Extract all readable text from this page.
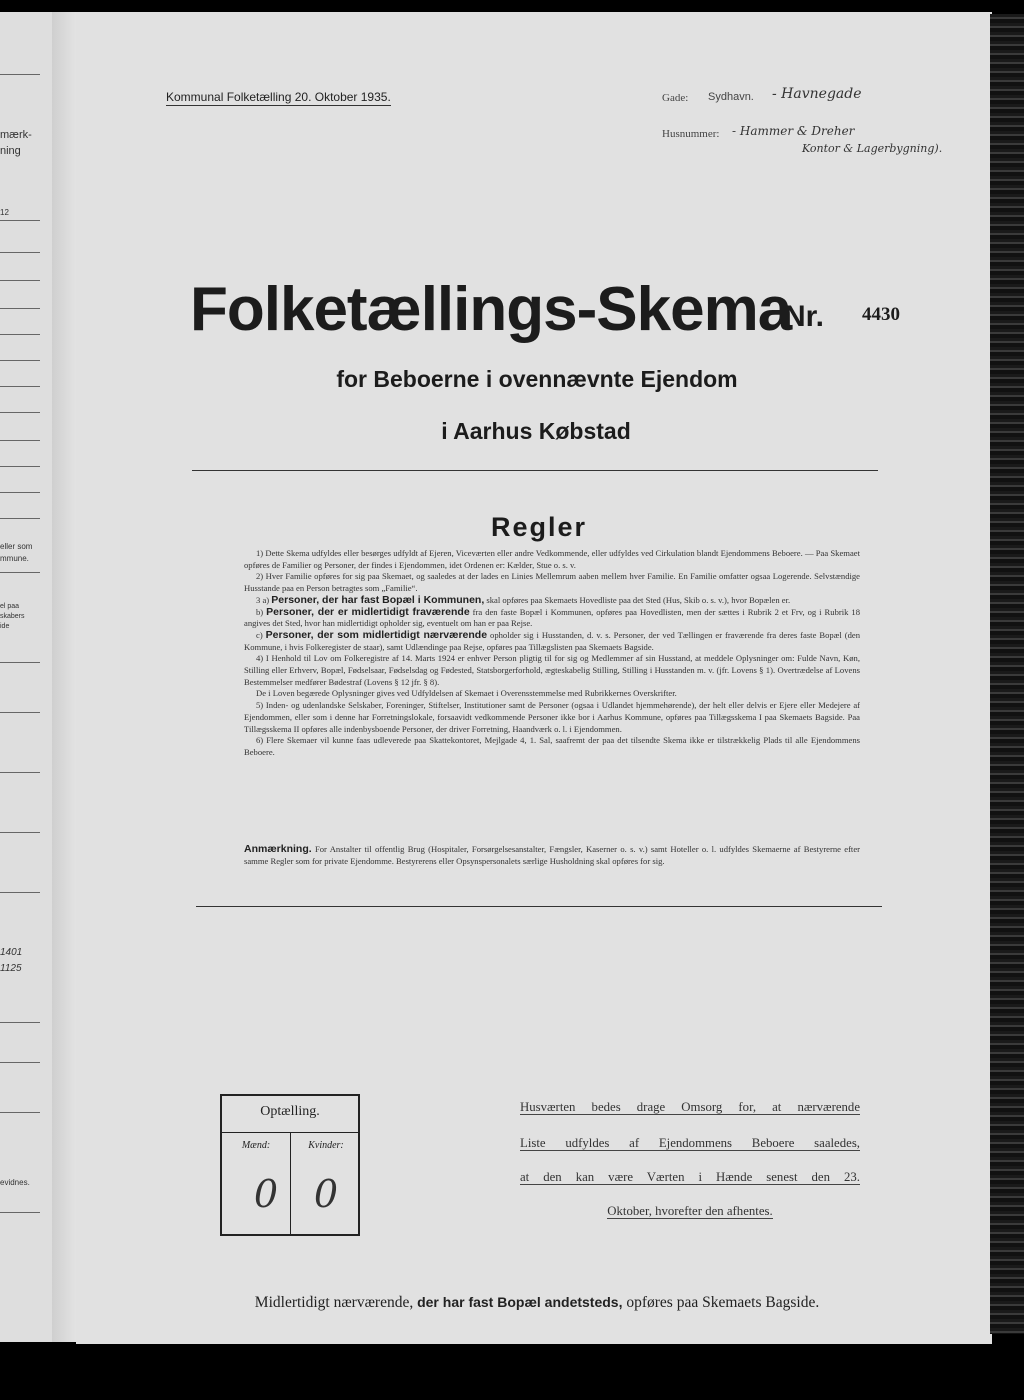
mærk-
ning
12
eller som
mmune.
el paa
skabers
ide
1401
1125
evidnes.
Kommunal Folketælling 20. Oktober 1935.	Gade: Sydhavn. - Havnegade
Husnummer: - Hammer & Dreher
Kontor & Lagerbygning).
Folketællings-Skema
Nr. 4430
for Beboerne i ovennævnte Ejendom
i Aarhus Købstad
Regler

1) Dette Skema udfyldes eller besørges udfyldt af Ejeren, Viceværten eller andre Vedkommende, eller udfyldes ved Cirkulation blandt Ejendommens Beboere. — Paa Skemaet opføres de Familier og Personer, der findes i Ejendommen, idet Ordenen er: Kælder, Stue o. s. v.

2) Hver Familie opføres for sig paa Skemaet, og saaledes at der lades en Linies Mellemrum aaben mellem hver Familie. En Familie omfatter ogsaa Logerende. Selvstændige Husstande paa en Person betragtes som „Familie“.

3 a) Personer, der har fast Bopæl i Kommunen, skal opføres paa Skemaets Hovedliste paa det Sted (Hus, Skib o. s. v.), hvor Bopælen er.

b) Personer, der er midlertidigt fraværende fra den faste Bopæl i Kommunen, opføres paa Hovedlisten, men der sættes i Rubrik 2 et Frv, og i Rubrik 18 angives det Sted, hvor han midlertidigt opholder sig, eventuelt om han er paa Rejse.

c) Personer, der som midlertidigt nærværende opholder sig i Husstanden, d. v. s. Personer, der ved Tællingen er fraværende fra deres faste Bopæl (den Kommune, i hvis Folkeregister de staar), samt Udlændinge paa Rejse, opføres paa Tillægslisten paa Skemaets Bagside.

4) I Henhold til Lov om Folkeregistre af 14. Marts 1924 er enhver Person pligtig til for sig og Medlemmer af sin Husstand, at meddele Oplysninger om: Fulde Navn, Køn, Stilling eller Erhverv, Bopæl, Fødselsaar, Fødselsdag og Fødested, Statsborgerforhold, ægteskabelig Stilling, Stilling i Husstanden m. v. (jfr. Lovens § 1). Overtrædelse af Lovens Bestemmelser medfører Bødestraf (Lovens § 12 jfr. § 8).

De i Loven begærede Oplysninger gives ved Udfyldelsen af Skemaet i Overensstemmelse med Rubrikkernes Overskrifter.

5) Inden- og udenlandske Selskaber, Foreninger, Stiftelser, Institutioner samt de Personer (ogsaa i Udlandet hjemmehørende), der helt eller delvis er Ejere eller Medejere af Ejendommen, eller som i denne har Forretningslokale, forsaavidt vedkommende Personer ikke bor i Aarhus Kommune, opføres paa Tillægsskema I paa Skemaets Bagside. Paa Tillægsskema II opføres alle indenbysboende Personer, der driver Forretning, Haandværk o. l. i Ejendommen.

6) Flere Skemaer vil kunne faas udleverede paa Skattekontoret, Mejlgade 4, 1. Sal, saafremt der paa det tilsendte Skema ikke er tilstrækkelig Plads til alle Ejendommens Beboere.

Anmærkning. For Anstalter til offentlig Brug (Hospitaler, Forsørgelsesanstalter, Fængsler, Kaserner o. s. v.) samt Hoteller o. l. udfyldes Skemaerne af Bestyrerne efter samme Regler som for private Ejendomme. Bestyrerens eller Opsynspersonalets særlige Husholdning skal opføres for sig.
Optælling.
Mænd:	Kvinder:
0 0
Husværten bedes drage Omsorg for, at nærværende
Liste udfyldes af Ejendommens Beboere saaledes,
at den kan være Værten i Hænde senest den 23.
Oktober, hvorefter den afhentes.
Midlertidigt nærværende, der har fast Bopæl andetsteds, opføres paa Skemaets Bagside.
